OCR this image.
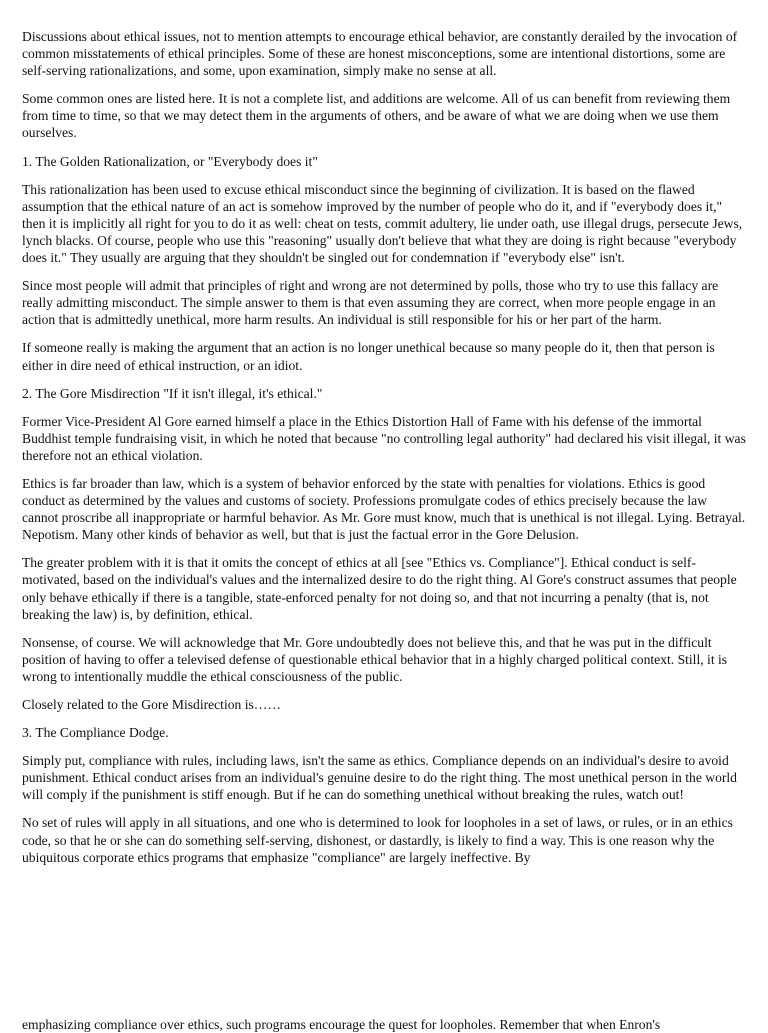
Discussions about ethical issues, not to mention attempts to encourage ethical behavior, are constantly derailed by the invocation of common misstatements of ethical principles. Some of these are honest misconceptions, some are intentional distortions, some are self-serving rationalizations, and some, upon examination, simply make no sense at all.

Some common ones are listed here. It is not a complete list, and additions are welcome. All of us can benefit from reviewing them from time to time, so that we may detect them in the arguments of others, and be aware of what we are doing when we use them ourselves.

1. The Golden Rationalization, or "Everybody does it"

This rationalization has been used to excuse ethical misconduct since the beginning of civilization. It is based on the flawed assumption that the ethical nature of an act is somehow improved by the number of people who do it, and if "everybody does it," then it is implicitly all right for you to do it as well: cheat on tests, commit adultery, lie under oath, use illegal drugs, persecute Jews, lynch blacks. Of course, people who use this "reasoning" usually don't believe that what they are doing is right because "everybody does it." They usually are arguing that they shouldn't be singled out for condemnation if "everybody else" isn't.

Since most people will admit that principles of right and wrong are not determined by polls, those who try to use this fallacy are really admitting misconduct. The simple answer to them is that even assuming they are correct, when more people engage in an action that is admittedly unethical, more harm results. An individual is still responsible for his or her part of the harm.

If someone really is making the argument that an action is no longer unethical because so many people do it, then that person is either in dire need of ethical instruction, or an idiot.

2. The Gore Misdirection "If it isn't illegal, it's ethical."

Former Vice-President Al Gore earned himself a place in the Ethics Distortion Hall of Fame with his defense of the immortal Buddhist temple fundraising visit, in which he noted that because "no controlling legal authority" had declared his visit illegal, it was therefore not an ethical violation.

Ethics is far broader than law, which is a system of behavior enforced by the state with penalties for violations. Ethics is good conduct as determined by the values and customs of society. Professions promulgate codes of ethics precisely because the law cannot proscribe all inappropriate or harmful behavior. As Mr. Gore must know, much that is unethical is not illegal. Lying. Betrayal. Nepotism. Many other kinds of behavior as well, but that is just the factual error in the Gore Delusion.

The greater problem with it is that it omits the concept of ethics at all [see "Ethics vs. Compliance"]. Ethical conduct is self-motivated, based on the individual's values and the internalized desire to do the right thing. Al Gore's construct assumes that people only behave ethically if there is a tangible, state-enforced penalty for not doing so, and that not incurring a penalty (that is, not breaking the law) is, by definition, ethical.

Nonsense, of course. We will acknowledge that Mr. Gore undoubtedly does not believe this, and that he was put in the difficult position of having to offer a televised defense of questionable ethical behavior that in a highly charged political context. Still, it is wrong to intentionally muddle the ethical consciousness of the public.

Closely related to the Gore Misdirection is……

3. The Compliance Dodge.

Simply put, compliance with rules, including laws, isn't the same as ethics. Compliance depends on an individual's desire to avoid punishment. Ethical conduct arises from an individual's genuine desire to do the right thing. The most unethical person in the world will comply if the punishment is stiff enough. But if he can do something unethical without breaking the rules, watch out!

No set of rules will apply in all situations, and one who is determined to look for loopholes in a set of laws, or rules, or in an ethics code, so that he or she can do something self-serving, dishonest, or dastardly, is likely to find a way. This is one reason why the ubiquitous corporate ethics programs that emphasize "compliance" are largely ineffective. By

emphasizing compliance over ethics, such programs encourage the quest for loopholes. Remember that when Enron's
